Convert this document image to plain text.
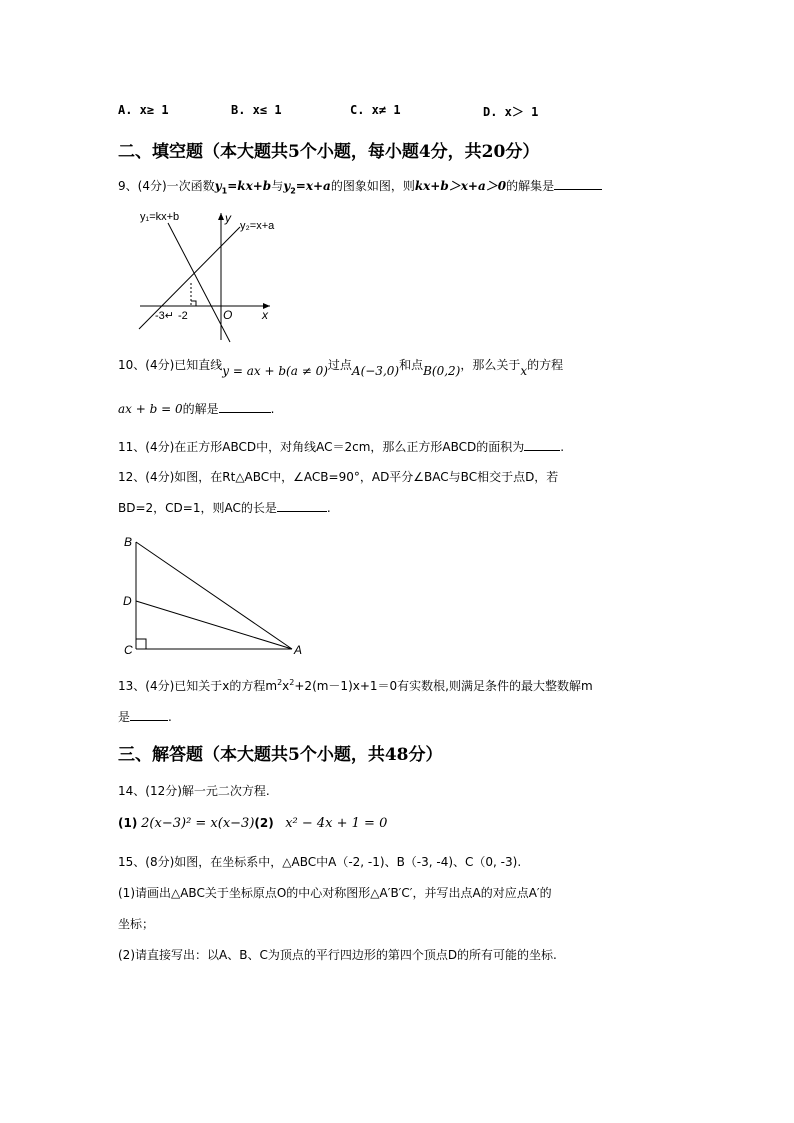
A. x≥ 1	B. x≤ 1	C. x≠ 1	D. x＞ 1
二、填空题（本大题共5个小题，每小题4分，共20分）
9、(4分)一次函数$y_1=kx+b$与$y_2=x+a$的图象如图，则kx+b＞x+a＞0的解集是
y₁=kx+b
y₂=x+a
y
x
O
-3↵ -2
10、(4分)已知直线y = ax + b(a ≠ 0)过点A(−3,0)和点B(0,2)，那么关于x的方程
ax + b = 0的解是	.
11、(4分)在正方形ABCD中，对角线AC＝2cm，那么正方形ABCD的面积为	.
12、(4分)如图，在Rt△ABC中，∠ACB=90°，AD平分∠BAC与BC相交于点D，若
BD=2，CD=1，则AC的长是	.
B
D
C	A
13、(4分)已知关于x的方程$m^2x^2+2(m-1)x+1=0$有实数根,则满足条件的最大整数解m
是	.
三、解答题（本大题共5个小题，共48分）
14、(12分)解一元二次方程.
(1) 2(x−3)² = x(x−3)(2) x² − 4x + 1 = 0
15、(8分)如图，在坐标系中，△ABC中A（-2, -1)、B（-3, -4)、C（0, -3).
(1)请画出△ABC关于坐标原点O的中心对称图形△A′B′C′，并写出点A的对应点A′的
坐标；
(2)请直接写出：以A、B、C为顶点的平行四边形的第四个顶点D的所有可能的坐标.
